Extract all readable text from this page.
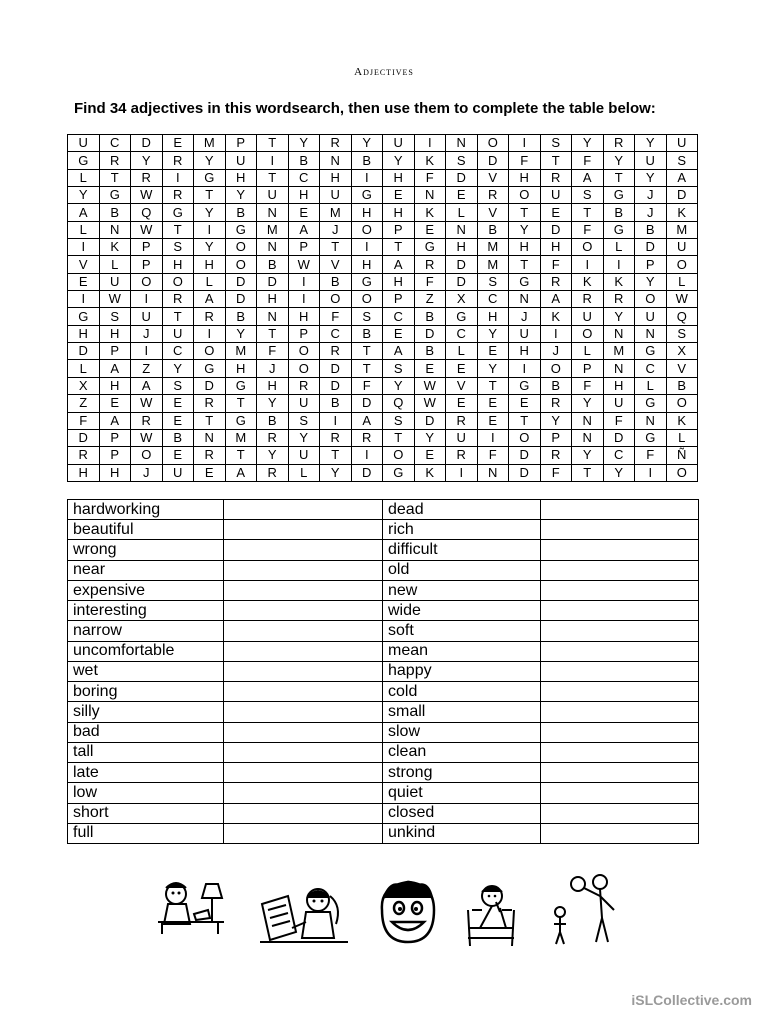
Adjectives
Find 34 adjectives in this wordsearch, then use them to complete the table below:
U	C	D	E	M	P	T	Y	R	Y	U	I	N	O	I	S	Y	R	Y	U
G	R	Y	R	Y	U	I	B	N	B	Y	K	S	D	F	T	F	Y	U	S
L	T	R	I	G	H	T	C	H	I	H	F	D	V	H	R	A	T	Y	A
Y	G	W	R	T	Y	U	H	U	G	E	N	E	R	O	U	S	G	J	D
A	B	Q	G	Y	B	N	E	M	H	H	K	L	V	T	E	T	B	J	K
L	N	W	T	I	G	M	A	J	O	P	E	N	B	Y	D	F	G	B	M
I	K	P	S	Y	O	N	P	T	I	T	G	H	M	H	H	O	L	D	U
V	L	P	H	H	O	B	W	V	H	A	R	D	M	T	F	I	I	P	O
E	U	O	O	L	D	D	I	B	G	H	F	D	S	G	R	K	K	Y	L
I	W	I	R	A	D	H	I	O	O	P	Z	X	C	N	A	R	R	O	W
G	S	U	T	R	B	N	H	F	S	C	B	G	H	J	K	U	Y	U	Q
H	H	J	U	I	Y	T	P	C	B	E	D	C	Y	U	I	O	N	N	S
D	P	I	C	O	M	F	O	R	T	A	B	L	E	H	J	L	M	G	X
L	A	Z	Y	G	H	J	O	D	T	S	E	E	Y	I	O	P	N	C	V
X	H	A	S	D	G	H	R	D	F	Y	W	V	T	G	B	F	H	L	B
Z	E	W	E	R	T	Y	U	B	D	Q	W	E	E	E	R	Y	U	G	O
F	A	R	E	T	G	B	S	I	A	S	D	R	E	T	Y	N	F	N	K
D	P	W	B	N	M	R	Y	R	R	T	Y	U	I	O	P	N	D	G	L
R	P	O	E	R	T	Y	U	T	I	O	E	R	F	D	R	Y	C	F	Ñ
H	H	J	U	E	A	R	L	Y	D	G	K	I	N	D	F	T	Y	I	O
hardworking		dead	
beautiful		rich	
wrong		difficult	
near		old	
expensive		new	
interesting		wide	
narrow		soft	
uncomfortable		mean	
wet		happy	
boring		cold	
silly		small	
bad		slow	
tall		clean	
late		strong	
low		quiet	
short		closed	
full		unkind	
iSLCollective.com
